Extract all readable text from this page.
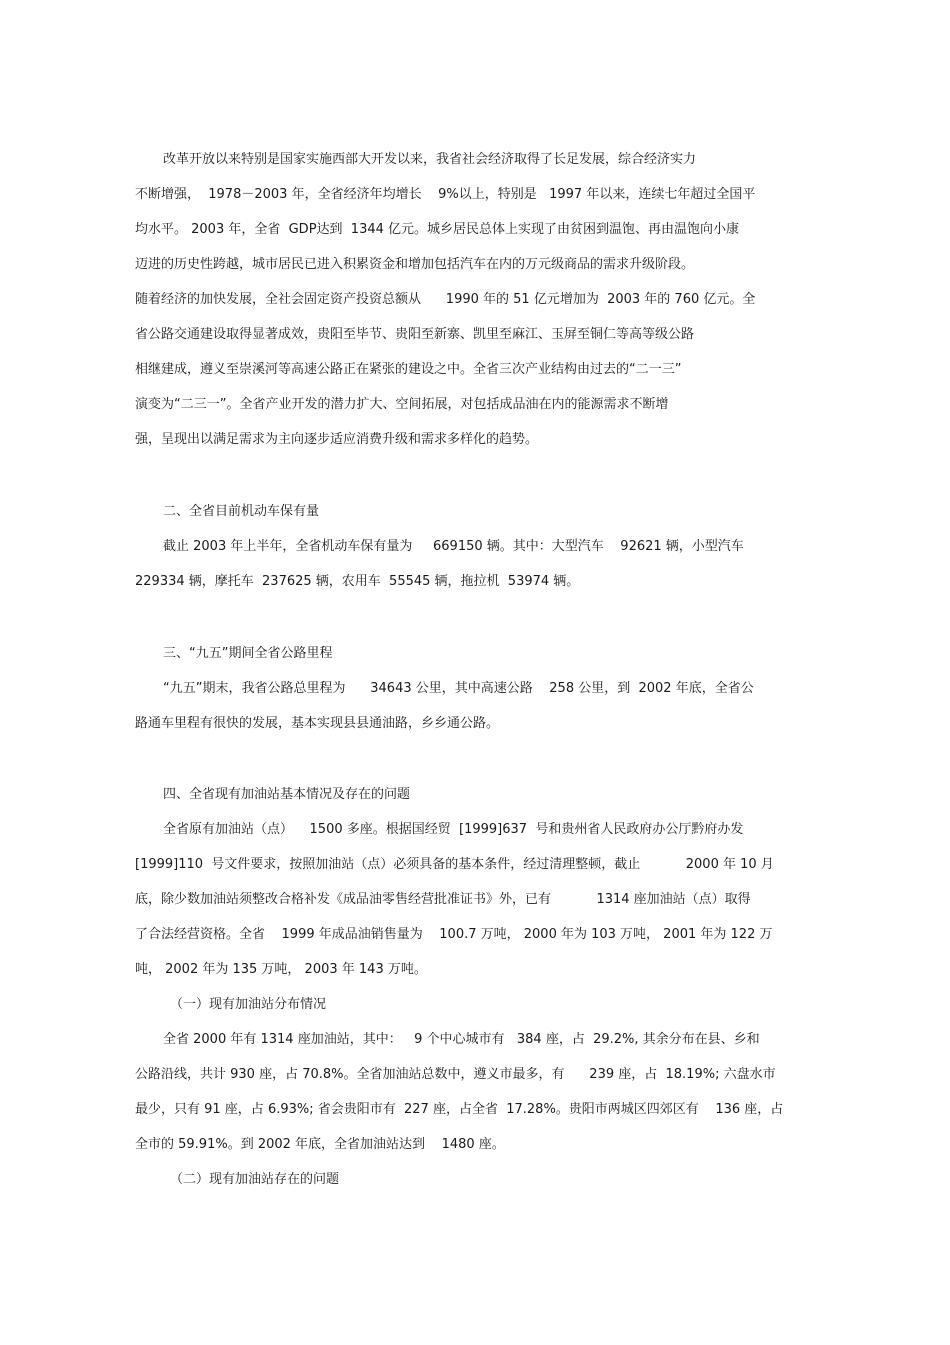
改革开放以来特别是国家实施西部大开发以来，我省社会经济取得了长足发展，综合经济实力
不断增强，  1978－2003 年，全省经济年均增长    9%以上，特别是   1997 年以来，连续七年超过全国平
均水平。 2003 年，全省  GDP达到  1344 亿元。城乡居民总体上实现了由贫困到温饱、再由温饱向小康
迈进的历史性跨越，城市居民已进入积累资金和增加包括汽车在内的万元级商品的需求升级阶段。
随着经济的加快发展，全社会固定资产投资总额从      1990 年的 51 亿元增加为  2003 年的 760 亿元。全
省公路交通建设取得显著成效，贵阳至毕节、贵阳至新寨、凯里至麻江、玉屏至铜仁等高等级公路
相继建成，遵义至崇溪河等高速公路正在紧张的建设之中。全省三次产业结构由过去的“二一三”
演变为“二三一”。全省产业开发的潜力扩大、空间拓展，对包括成品油在内的能源需求不断增
强，呈现出以满足需求为主向逐步适应消费升级和需求多样化的趋势。
二、全省目前机动车保有量
截止 2003 年上半年，全省机动车保有量为     669150 辆。其中：大型汽车    92621 辆，小型汽车
229334 辆，摩托车  237625 辆，农用车  55545 辆，拖拉机  53974 辆。
三、“九五”期间全省公路里程
“九五”期末，我省公路总里程为      34643 公里，其中高速公路    258 公里，到  2002 年底，全省公
路通车里程有很快的发展，基本实现县县通油路，乡乡通公路。
四、全省现有加油站基本情况及存在的问题
全省原有加油站（点）    1500 多座。根据国经贸  [1999]637  号和贵州省人民政府办公厅黔府办发
[1999]110  号文件要求，按照加油站（点）必须具备的基本条件，经过清理整顿，截止           2000 年 10 月
底，除少数加油站须整改合格补发《成品油零售经营批准证书》外，已有           1314 座加油站（点）取得
了合法经营资格。全省    1999 年成品油销售量为    100.7 万吨， 2000 年为 103 万吨， 2001 年为 122 万
吨， 2002 年为 135 万吨， 2003 年 143 万吨。
（一）现有加油站分布情况
全省 2000 年有 1314 座加油站，其中：   9 个中心城市有   384 座，占  29.2%, 其余分布在县、乡和
公路沿线，共计 930 座，占 70.8%。全省加油站总数中，遵义市最多，有      239 座，占  18.19%; 六盘水市
最少，只有 91 座，占 6.93%; 省会贵阳市有  227 座，占全省  17.28%。贵阳市两城区四郊区有    136 座，占
全市的 59.91%。到 2002 年底，全省加油站达到    1480 座。
（二）现有加油站存在的问题
